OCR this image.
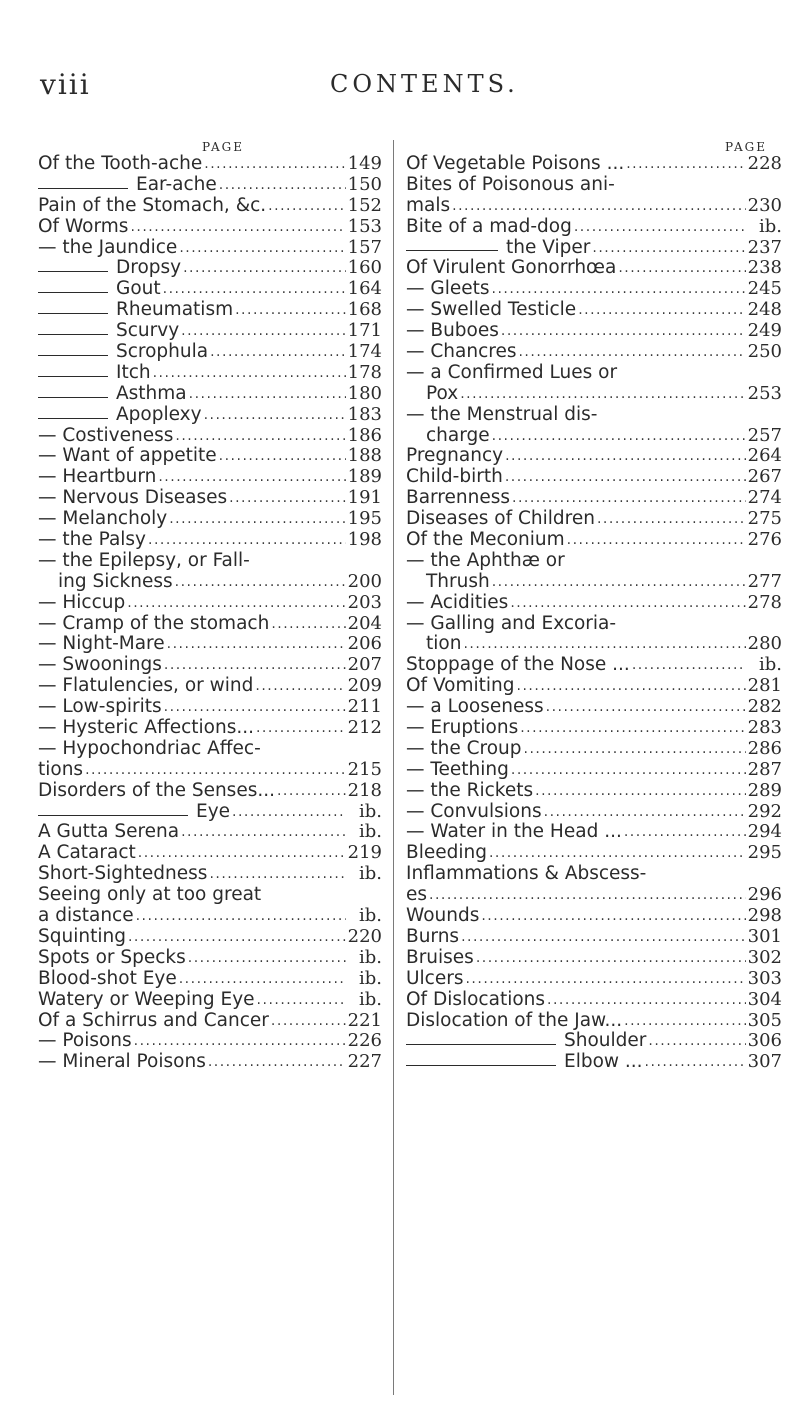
viii	CONTENTS.
PAGE	PAGE
Of the Tooth-ache .....	149
Ear-ache .....	150
Pain of the Stomach, &c. .....	152
Of Worms .....	153
— the Jaundice .....	157
Dropsy .....	160
Gout .....	164
Rheumatism .....	168
Scurvy .....	171
Scrophula .....	174
Itch .....	178
Asthma .....	180
Apoplexy .....	183
— Costiveness .....	186
— Want of appetite .....	188
— Heartburn .....	189
— Nervous Diseases .....	191
— Melancholy .....	195
— the Palsy .....	198
— the Epilepsy, or Fall-
ing Sickness .....	200
— Hiccup .....	203
— Cramp of the stomach .....	204
— Night-Mare .....	206
— Swoonings .....	207
— Flatulencies, or wind .....	209
— Low-spirits .....	211
— Hysteric Affections... .....	212
— Hypochondriac Affec-
tions .....	215
Disorders of the Senses... .....	218
Eye .....	ib.
A Gutta Serena .....	ib.
A Cataract .....	219
Short-Sightedness .....	ib.
Seeing only at too great
a distance .....	ib.
Squinting .....	220
Spots or Specks .....	ib.
Blood-shot Eye .....	ib.
Watery or Weeping Eye .....	ib.
Of a Schirrus and Cancer .....	221
— Poisons .....	226
— Mineral Poisons .....	227
Of Vegetable Poisons ... .....	228
Bites of Poisonous ani-
mals .....	230
Bite of a mad-dog .....	ib.
the Viper .....	237
Of Virulent Gonorrhœa .....	238
— Gleets .....	245
— Swelled Testicle .....	248
— Buboes .....	249
— Chancres .....	250
— a Confirmed Lues or
Pox .....	253
— the Menstrual dis-
charge .....	257
Pregnancy .....	264
Child-birth .....	267
Barrenness .....	274
Diseases of Children .....	275
Of the Meconium .....	276
— the Aphthæ or
Thrush .....	277
— Acidities .....	278
— Galling and Excoria-
tion .....	280
Stoppage of the Nose ... .....	ib.
Of Vomiting .....	281
— a Looseness .....	282
— Eruptions .....	283
— the Croup .....	286
— Teething .....	287
— the Rickets .....	289
— Convulsions .....	292
— Water in the Head ... .....	294
Bleeding .....	295
Inflammations & Abscess-
es .....	296
Wounds .....	298
Burns .....	301
Bruises .....	302
Ulcers .....	303
Of Dislocations .....	304
Dislocation of the Jaw... .....	305
Shoulder .....	306
Elbow ... .....	307
